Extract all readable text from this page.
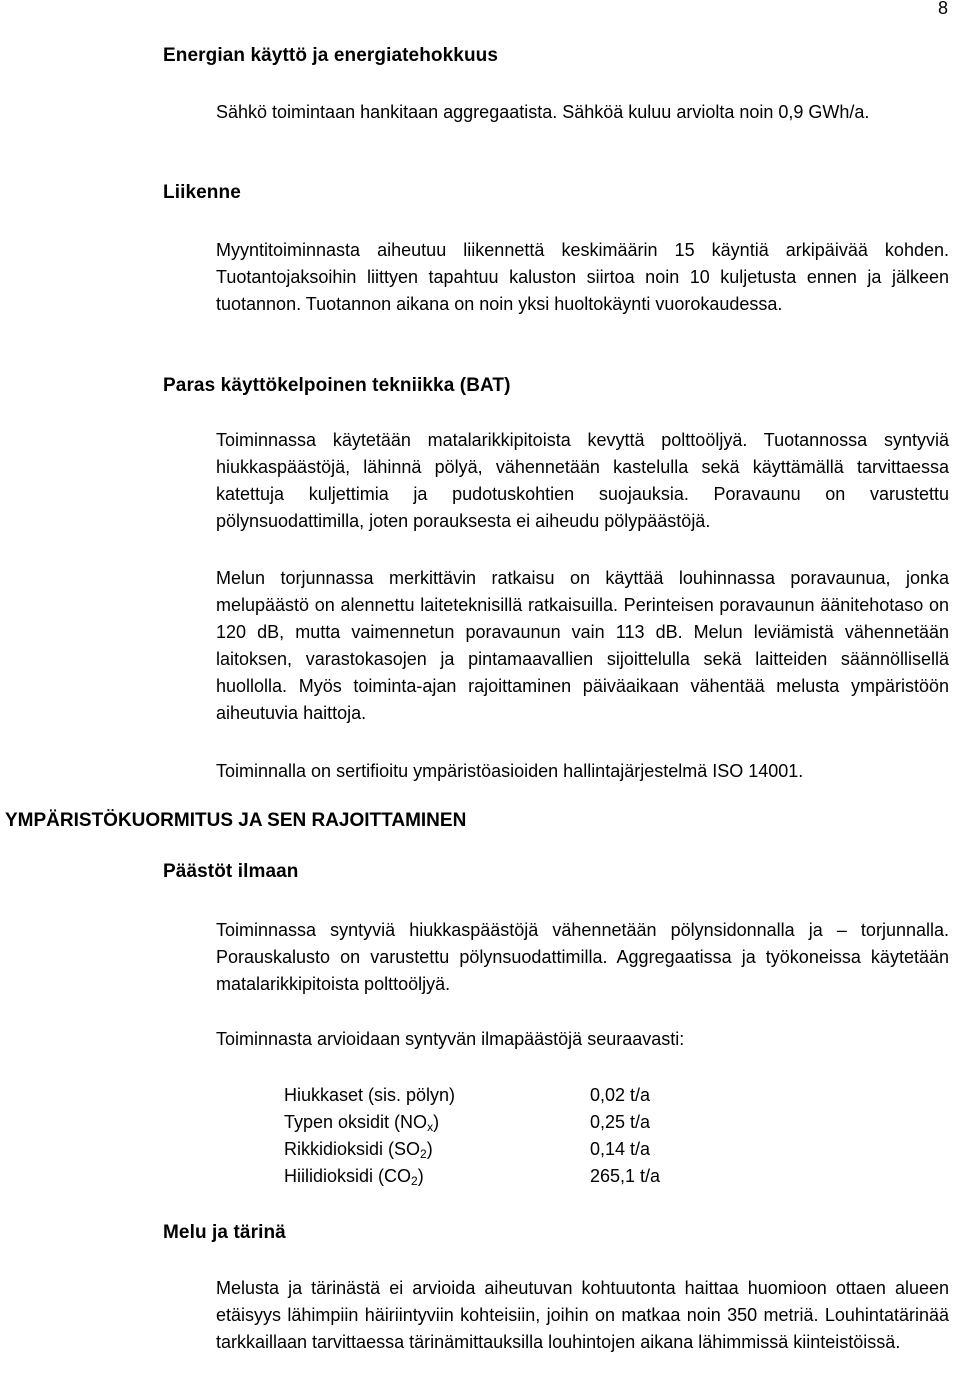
8
Energian käyttö ja energiatehokkuus
Sähkö toimintaan hankitaan aggregaatista. Sähköä kuluu arviolta noin 0,9 GWh/a.
Liikenne
Myyntitoiminnasta aiheutuu liikennettä keskimäärin 15 käyntiä arkipäivää kohden. Tuotantojaksoihin liittyen tapahtuu kaluston siirtoa noin 10 kuljetusta ennen ja jälkeen tuotannon. Tuotannon aikana on noin yksi huoltokäynti vuorokaudessa.
Paras käyttökelpoinen tekniikka (BAT)
Toiminnassa käytetään matalarikkipitoista kevyttä polttoöljyä. Tuotannossa syntyviä hiukkaspäästöjä, lähinnä pölyä, vähennetään kastelulla sekä käyttämällä tarvittaessa katettuja kuljettimia ja pudotuskohtien suojauksia. Poravaunu on varustettu pölynsuodattimilla, joten porauksesta ei aiheudu pölypäästöjä.
Melun torjunnassa merkittävin ratkaisu on käyttää louhinnassa poravaunua, jonka melupäästö on alennettu laiteteknisillä ratkaisuilla. Perinteisen poravaunun äänitehotaso on 120 dB, mutta vaimennetun poravaunun vain 113 dB. Melun leviämistä vähennetään laitoksen, varastokasojen ja pintamaavallien sijoittelulla sekä laitteiden säännöllisellä huollolla. Myös toiminta-ajan rajoittaminen päiväaikaan vähentää melusta ympäristöön aiheutuvia haittoja.
Toiminnalla on sertifioitu ympäristöasioiden hallintajärjestelmä ISO 14001.
YMPÄRISTÖKUORMITUS JA SEN RAJOITTAMINEN
Päästöt ilmaan
Toiminnassa syntyviä hiukkaspäästöjä vähennetään pölynsidonnalla ja – torjunnalla. Porauskalusto on varustettu pölynsuodattimilla. Aggregaatissa ja työkoneissa käytetään matalarikkipitoista polttoöljyä.
Toiminnasta arvioidaan syntyvän ilmapäästöjä seuraavasti:
Hiukkaset (sis. pölyn)	0,02 t/a
Typen oksidit $(NO_x)$	0,25 t/a
Rikkidioksidi $(SO_2)$	0,14 t/a
Hiilidioksidi $(CO_2)$	265,1 t/a
Melu ja tärinä
Melusta ja tärinästä ei arvioida aiheutuvan kohtuutonta haittaa huomioon ottaen alueen etäisyys lähimpiin häiriintyviin kohteisiin, joihin on matkaa noin 350 metriä. Louhintatärinää tarkkaillaan tarvittaessa tärinämittauksilla louhintojen aikana lähimmissä kiinteistöissä.
